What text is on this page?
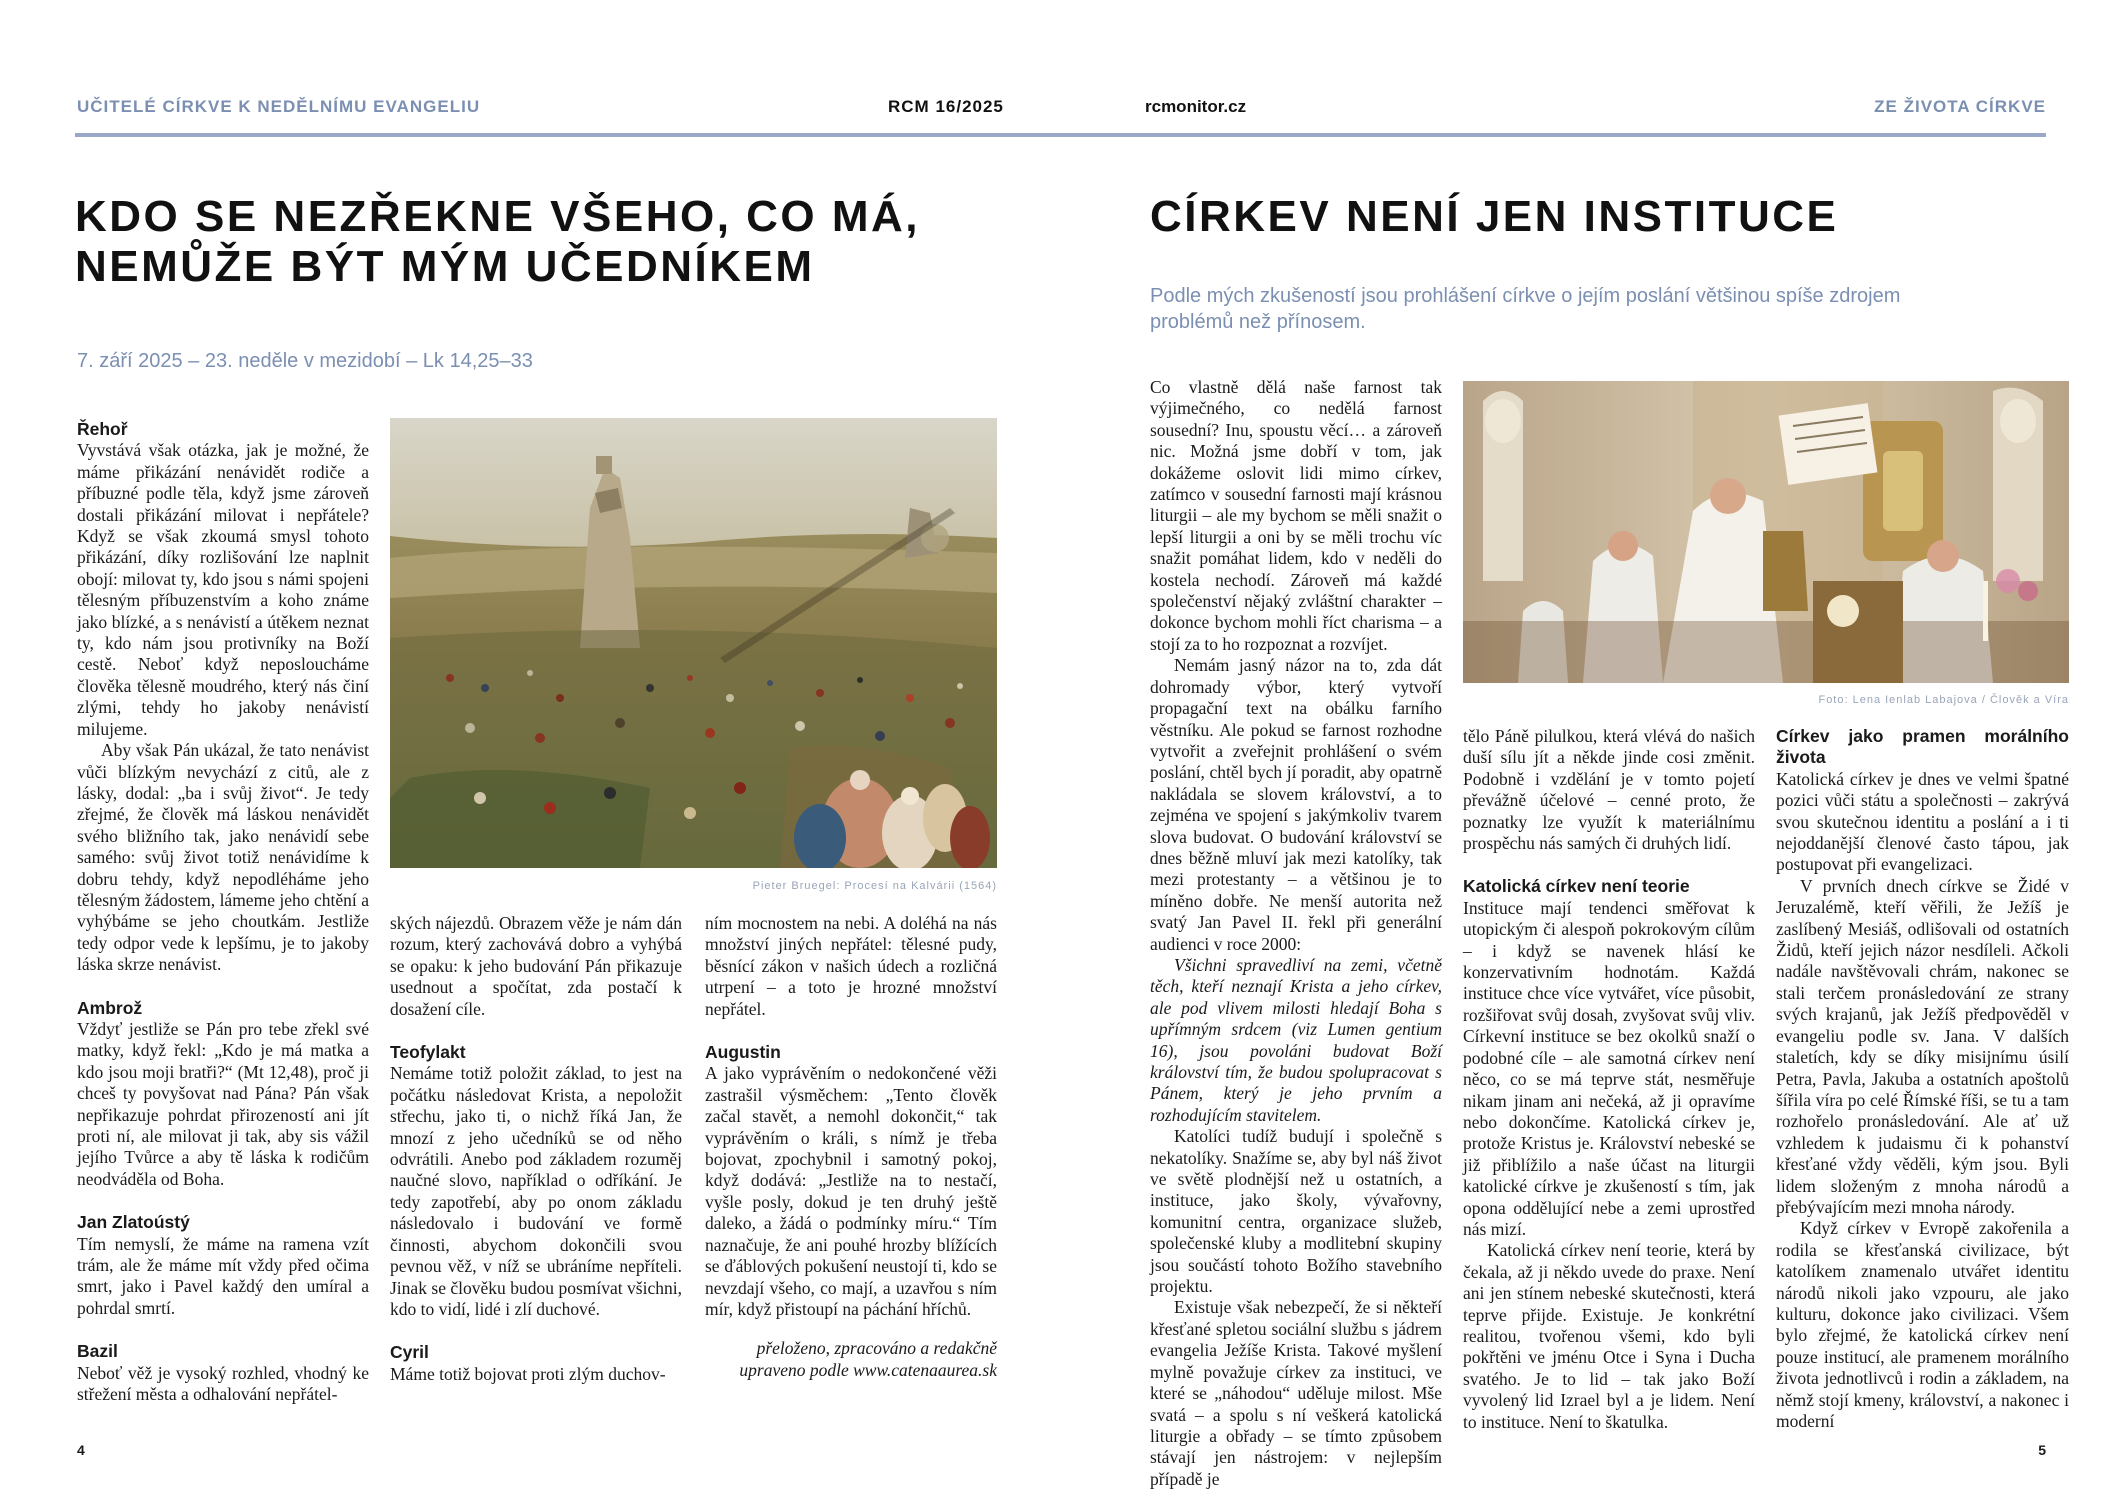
UČITELÉ CÍRKVE K NEDĚLNÍMU EVANGELIU	RCM 16/2025	rcmonitor.cz	ZE ŽIVOTA CÍRKVE
KDO SE NEZŘEKNE VŠEHO, CO MÁ, NEMŮŽE BÝT MÝM UČEDNÍKEM

7. září 2025 – 23. neděle v mezidobí – Lk 14,25–33

Pieter Bruegel: Procesí na Kalvárii (1564)
Řehoř

Vyvstává však otázka, jak je možné, že máme přikázání nenávidět rodiče a příbuzné podle těla, když jsme zároveň dostali přikázání milovat i nepřátele? Když se však zkoumá smysl tohoto přikázání, díky rozlišování lze naplnit obojí: milovat ty, kdo jsou s námi spojeni tělesným příbuzenstvím a koho známe jako blízké, a s nenávistí a útěkem neznat ty, kdo nám jsou protivníky na Boží cestě. Neboť když neposloucháme člověka tělesně moudrého, který nás činí zlými, tehdy ho jakoby nenávistí milujeme.

Aby však Pán ukázal, že tato nenávist vůči blízkým nevychází z citů, ale z lásky, dodal: „ba i svůj život“. Je tedy zřejmé, že člověk má láskou nenávidět svého bližního tak, jako nenávidí sebe samého: svůj život totiž nenávidíme k dobru tehdy, když nepodléháme jeho tělesným žádostem, lámeme jeho chtění a vyhýbáme se jeho choutkám. Jestliže tedy odpor vede k lepšímu, je to jakoby láska skrze nenávist.

Ambrož

Vždyť jestliže se Pán pro tebe zřekl své matky, když řekl: „Kdo je má matka a kdo jsou moji bratři?“ (Mt 12,48), proč ji chceš ty povyšovat nad Pána? Pán však nepřikazuje pohrdat přirozeností ani jít proti ní, ale milovat ji tak, aby sis vážil jejího Tvůrce a aby tě láska k rodičům neodváděla od Boha.

Jan Zlatoústý

Tím nemyslí, že máme na ramena vzít trám, ale že máme mít vždy před očima smrt, jako i Pavel každý den umíral a pohrdal smrtí.

Bazil

Neboť věž je vysoký rozhled, vhodný ke střežení města a odhalování nepřátel-

ských nájezdů. Obrazem věže je nám dán rozum, který zachovává dobro a vyhýbá se opaku: k jeho budování Pán přikazuje usednout a spočítat, zda postačí k dosažení cíle.

Teofylakt

Nemáme totiž položit základ, to jest na počátku následovat Krista, a nepoložit střechu, jako ti, o nichž říká Jan, že mnozí z jeho učedníků se od něho odvrátili. Anebo pod základem rozuměj naučné slovo, například o odříkání. Je tedy zapotřebí, aby po onom základu následovalo i budování ve formě činnosti, abychom dokončili svou pevnou věž, v níž se ubráníme nepříteli. Jinak se člověku budou posmívat všichni, kdo to vidí, lidé i zlí duchové.

Cyril

Máme totiž bojovat proti zlým duchov-

ním mocnostem na nebi. A doléhá na nás množství jiných nepřátel: tělesné pudy, běsnící zákon v našich údech a rozličná utrpení – a toto je hrozné množství nepřátel.

Augustin

A jako vyprávěním o nedokončené věži zastrašil výsměchem: „Tento člověk začal stavět, a nemohl dokončit,“ tak vyprávěním o králi, s nímž je třeba bojovat, zpochybnil i samotný pokoj, když dodává: „Jestliže na to nestačí, vyšle posly, dokud je ten druhý ještě daleko, a žádá o podmínky míru.“ Tím naznačuje, že ani pouhé hrozby blížících se ďáblových pokušení neustojí ti, kdo se nevzdají všeho, co mají, a uzavřou s ním mír, když přistoupí na páchání hříchů.

přeloženo, zpracováno a redakčně upraveno podle www.catenaaurea.sk

4
CÍRKEV NENÍ JEN INSTITUCE

Podle mých zkušeností jsou prohlášení církve o jejím poslání většinou spíše zdrojem problémů než přínosem.

Foto: Lena Ienlab Labajova / Člověk a Víra

Co vlastně dělá naše farnost tak výjimečného, co nedělá farnost sousední? Inu, spoustu věcí… a zároveň nic. Možná jsme dobří v tom, jak dokážeme oslovit lidi mimo církev, zatímco v sousední farnosti mají krásnou liturgii – ale my bychom se měli snažit o lepší liturgii a oni by se měli trochu víc snažit pomáhat lidem, kdo v neděli do kostela nechodí. Zároveň má každé společenství nějaký zvláštní charakter – dokonce bychom mohli říct charisma – a stojí za to ho rozpoznat a rozvíjet.

Nemám jasný názor na to, zda dát dohromady výbor, který vytvoří propagační text na obálku farního věstníku. Ale pokud se farnost rozhodne vytvořit a zveřejnit prohlášení o svém poslání, chtěl bych jí poradit, aby opatrně nakládala se slovem království, a to zejména ve spojení s jakýmkoliv tvarem slova budovat. O budování království se dnes běžně mluví jak mezi katolíky, tak mezi protestanty – a většinou je to míněno dobře. Ne menší autorita než svatý Jan Pavel II. řekl při generální audienci v roce 2000:

Všichni spravedliví na zemi, včetně těch, kteří neznají Krista a jeho církev, ale pod vlivem milosti hledají Boha s upřímným srdcem (viz Lumen gentium 16), jsou povoláni budovat Boží království tím, že budou spolupracovat s Pánem, který je jeho prvním a rozhodujícím stavitelem.

Katolíci tudíž budují i společně s nekatolíky. Snažíme se, aby byl náš život ve světě plodnější než u ostatních, a instituce, jako školy, vývařovny, komunitní centra, organizace služeb, společenské kluby a modlitební skupiny jsou součástí tohoto Božího stavebního projektu.

Existuje však nebezpečí, že si někteří křesťané spletou sociální službu s jádrem evangelia Ježíše Krista. Takové myšlení mylně považuje církev za instituci, ve které se „náhodou“ uděluje milost. Mše svatá – a spolu s ní veškerá katolická liturgie a obřady – se tímto způsobem stávají jen nástrojem: v nejlepším případě je

tělo Páně pilulkou, která vlévá do našich duší sílu jít a někde jinde cosi změnit. Podobně i vzdělání je v tomto pojetí převážně účelové – cenné proto, že poznatky lze využít k materiálnímu prospěchu nás samých či druhých lidí.

Katolická církev není teorie

Instituce mají tendenci směřovat k utopickým či alespoň pokrokovým cílům – i když se navenek hlásí ke konzervativním hodnotám. Každá instituce chce více vytvářet, více působit, rozšiřovat svůj dosah, zvyšovat svůj vliv. Církevní instituce se bez okolků snaží o podobné cíle – ale samotná církev není něco, co se má teprve stát, nesměřuje nikam jinam ani nečeká, až ji opravíme nebo dokončíme. Katolická církev je, protože Kristus je. Království nebeské se již přiblížilo a naše účast na liturgii katolické církve je zkušeností s tím, jak opona oddělující nebe a zemi uprostřed nás mizí.

Katolická církev není teorie, která by čekala, až ji někdo uvede do praxe. Není ani jen stínem nebeské skutečnosti, která teprve přijde. Existuje. Je konkrétní realitou, tvořenou všemi, kdo byli pokřtěni ve jménu Otce i Syna i Ducha svatého. Je to lid – tak jako Boží vyvolený lid Izrael byl a je lidem. Není to instituce. Není to škatulka.

Církev jako pramen morálního života

Katolická církev je dnes ve velmi špatné pozici vůči státu a společnosti – zakrývá svou skutečnou identitu a poslání a i ti nejoddanější členové často tápou, jak postupovat při evangelizaci.

V prvních dnech církve se Židé v Jeruzalémě, kteří věřili, že Ježíš je zaslíbený Mesiáš, odlišovali od ostatních Židů, kteří jejich názor nesdíleli. Ačkoli nadále navštěvovali chrám, nakonec se stali terčem pronásledování ze strany svých krajanů, jak Ježíš předpověděl v evangeliu podle sv. Jana. V dalších staletích, kdy se díky misijnímu úsilí Petra, Pavla, Jakuba a ostatních apoštolů šířila víra po celé Římské říši, se tu a tam rozhořelo pronásledování. Ale ať už vzhledem k judaismu či k pohanství křesťané vždy věděli, kým jsou. Byli lidem složeným z mnoha národů a přebývajícím mezi mnoha národy.

Když církev v Evropě zakořenila a rodila se křesťanská civilizace, být katolíkem znamenalo utvářet identitu národů nikoli jako vzpouru, ale jako kulturu, dokonce jako civilizaci. Všem bylo zřejmé, že katolická církev není pouze institucí, ale pramenem morálního života jednotlivců i rodin a základem, na němž stojí kmeny, království, a nakonec i moderní

5
